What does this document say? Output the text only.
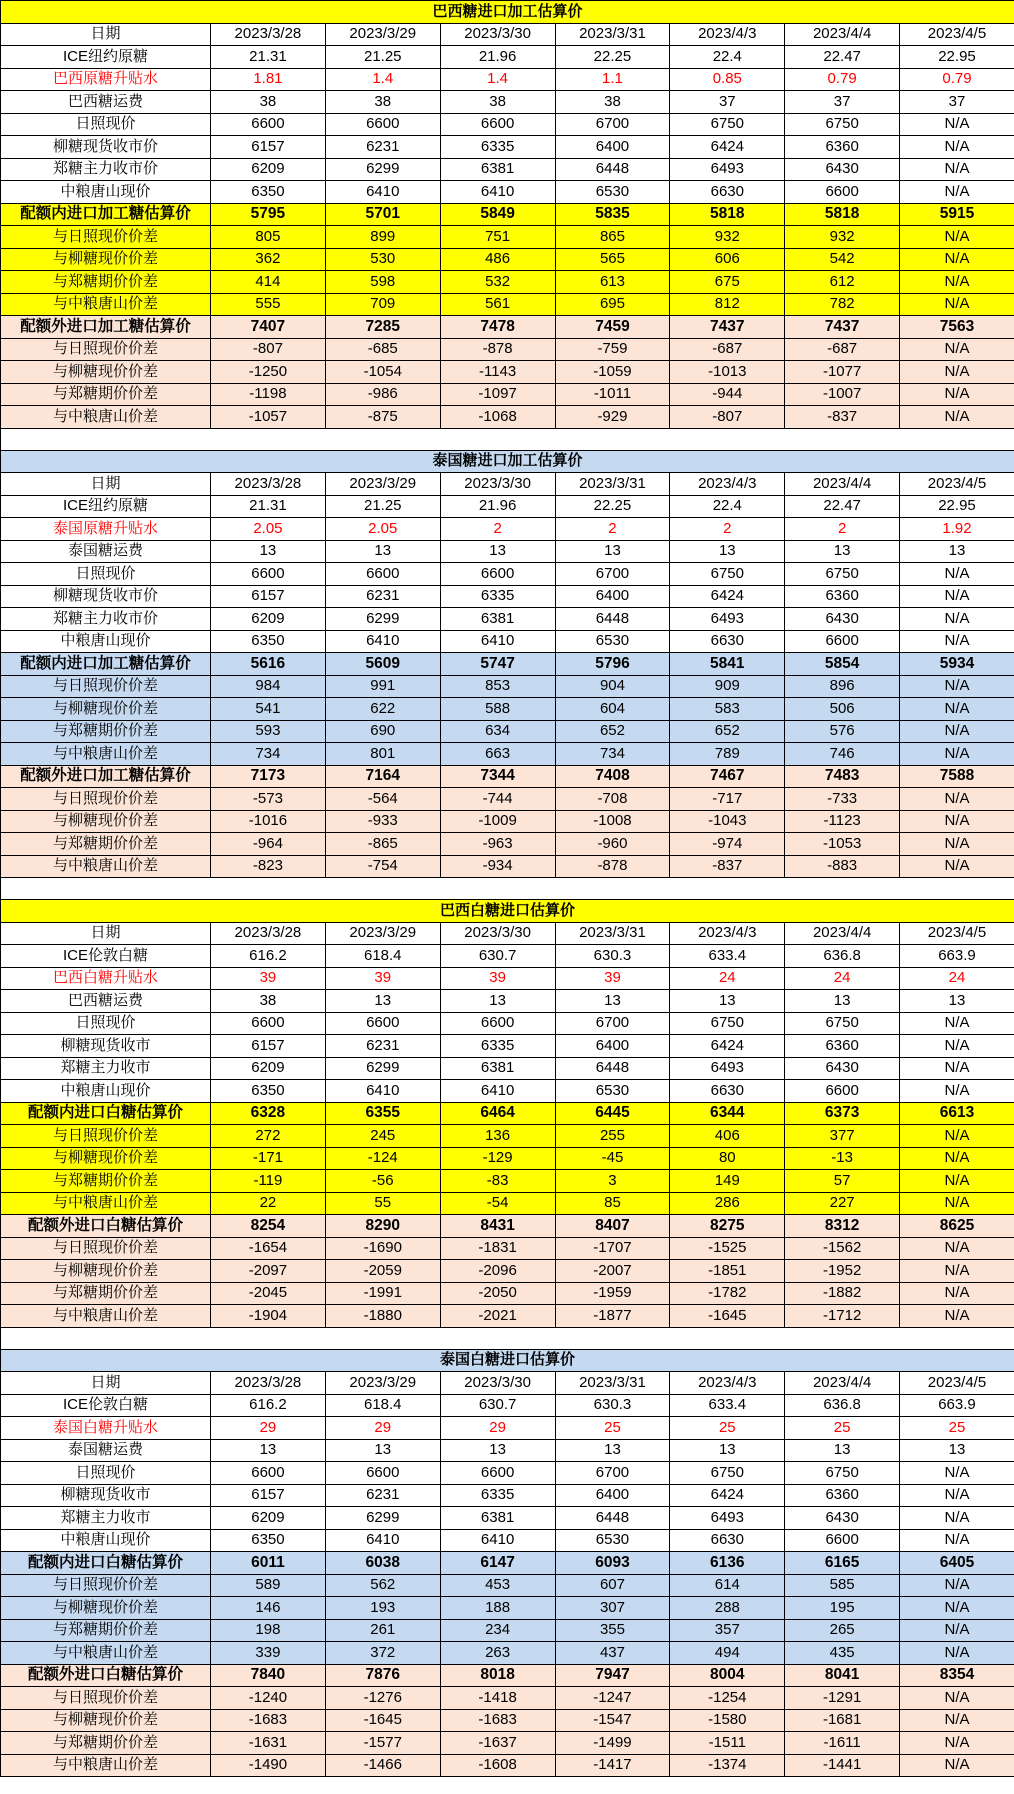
巴西糖进口加工估算价							
日期	2023/3/28	2023/3/29	2023/3/30	2023/3/31	2023/4/3	2023/4/4	2023/4/5
ICE纽约原糖	21.31	21.25	21.96	22.25	22.4	22.47	22.95
巴西原糖升贴水	1.81	1.4	1.4	1.1	0.85	0.79	0.79
巴西糖运费	38	38	38	38	37	37	37
日照现价	6600	6600	6600	6700	6750	6750	N/A
柳糖现货收市价	6157	6231	6335	6400	6424	6360	N/A
郑糖主力收市价	6209	6299	6381	6448	6493	6430	N/A
中粮唐山现价	6350	6410	6410	6530	6630	6600	N/A
配额内进口加工糖估算价	5795	5701	5849	5835	5818	5818	5915
与日照现价价差	805	899	751	865	932	932	N/A
与柳糖现价价差	362	530	486	565	606	542	N/A
与郑糖期价价差	414	598	532	613	675	612	N/A
与中粮唐山价差	555	709	561	695	812	782	N/A
配额外进口加工糖估算价	7407	7285	7478	7459	7437	7437	7563
与日照现价价差	-807	-685	-878	-759	-687	-687	N/A
与柳糖现价价差	-1250	-1054	-1143	-1059	-1013	-1077	N/A
与郑糖期价价差	-1198	-986	-1097	-1011	-944	-1007	N/A
与中粮唐山价差	-1057	-875	-1068	-929	-807	-837	N/A

泰国糖进口加工估算价							
日期	2023/3/28	2023/3/29	2023/3/30	2023/3/31	2023/4/3	2023/4/4	2023/4/5
ICE纽约原糖	21.31	21.25	21.96	22.25	22.4	22.47	22.95
泰国原糖升贴水	2.05	2.05	2	2	2	2	1.92
泰国糖运费	13	13	13	13	13	13	13
日照现价	6600	6600	6600	6700	6750	6750	N/A
柳糖现货收市价	6157	6231	6335	6400	6424	6360	N/A
郑糖主力收市价	6209	6299	6381	6448	6493	6430	N/A
中粮唐山现价	6350	6410	6410	6530	6630	6600	N/A
配额内进口加工糖估算价	5616	5609	5747	5796	5841	5854	5934
与日照现价价差	984	991	853	904	909	896	N/A
与柳糖现价价差	541	622	588	604	583	506	N/A
与郑糖期价价差	593	690	634	652	652	576	N/A
与中粮唐山价差	734	801	663	734	789	746	N/A
配额外进口加工糖估算价	7173	7164	7344	7408	7467	7483	7588
与日照现价价差	-573	-564	-744	-708	-717	-733	N/A
与柳糖现价价差	-1016	-933	-1009	-1008	-1043	-1123	N/A
与郑糖期价价差	-964	-865	-963	-960	-974	-1053	N/A
与中粮唐山价差	-823	-754	-934	-878	-837	-883	N/A

巴西白糖进口估算价							
日期	2023/3/28	2023/3/29	2023/3/30	2023/3/31	2023/4/3	2023/4/4	2023/4/5
ICE伦敦白糖	616.2	618.4	630.7	630.3	633.4	636.8	663.9
巴西白糖升贴水	39	39	39	39	24	24	24
巴西糖运费	38	13	13	13	13	13	13
日照现价	6600	6600	6600	6700	6750	6750	N/A
柳糖现货收市	6157	6231	6335	6400	6424	6360	N/A
郑糖主力收市	6209	6299	6381	6448	6493	6430	N/A
中粮唐山现价	6350	6410	6410	6530	6630	6600	N/A
配额内进口白糖估算价	6328	6355	6464	6445	6344	6373	6613
与日照现价价差	272	245	136	255	406	377	N/A
与柳糖现价价差	-171	-124	-129	-45	80	-13	N/A
与郑糖期价价差	-119	-56	-83	3	149	57	N/A
与中粮唐山价差	22	55	-54	85	286	227	N/A
配额外进口白糖估算价	8254	8290	8431	8407	8275	8312	8625
与日照现价价差	-1654	-1690	-1831	-1707	-1525	-1562	N/A
与柳糖现价价差	-2097	-2059	-2096	-2007	-1851	-1952	N/A
与郑糖期价价差	-2045	-1991	-2050	-1959	-1782	-1882	N/A
与中粮唐山价差	-1904	-1880	-2021	-1877	-1645	-1712	N/A

泰国白糖进口估算价							
日期	2023/3/28	2023/3/29	2023/3/30	2023/3/31	2023/4/3	2023/4/4	2023/4/5
ICE伦敦白糖	616.2	618.4	630.7	630.3	633.4	636.8	663.9
泰国白糖升贴水	29	29	29	25	25	25	25
泰国糖运费	13	13	13	13	13	13	13
日照现价	6600	6600	6600	6700	6750	6750	N/A
柳糖现货收市	6157	6231	6335	6400	6424	6360	N/A
郑糖主力收市	6209	6299	6381	6448	6493	6430	N/A
中粮唐山现价	6350	6410	6410	6530	6630	6600	N/A
配额内进口白糖估算价	6011	6038	6147	6093	6136	6165	6405
与日照现价价差	589	562	453	607	614	585	N/A
与柳糖现价价差	146	193	188	307	288	195	N/A
与郑糖期价价差	198	261	234	355	357	265	N/A
与中粮唐山价差	339	372	263	437	494	435	N/A
配额外进口白糖估算价	7840	7876	8018	7947	8004	8041	8354
与日照现价价差	-1240	-1276	-1418	-1247	-1254	-1291	N/A
与柳糖现价价差	-1683	-1645	-1683	-1547	-1580	-1681	N/A
与郑糖期价价差	-1631	-1577	-1637	-1499	-1511	-1611	N/A
与中粮唐山价差	-1490	-1466	-1608	-1417	-1374	-1441	N/A
